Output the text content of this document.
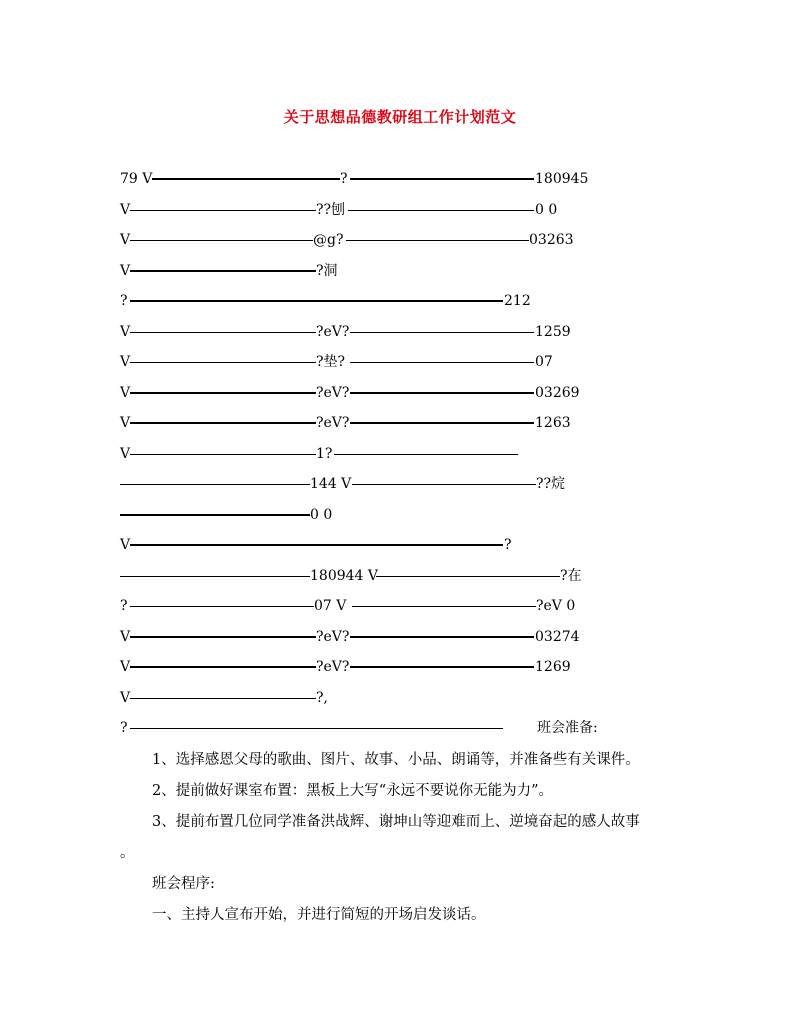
关于思想品德教研组工作计划范文
79 V	?	180945
V	??刨	0 0
V	@g?	03263
V	?洞
?	212
V	?eV?	1259
V	?垫?	07
V	?eV?	03269
V	?eV?	1263
V	1?
144 V	??烷
0 0
V	?
180944 V	?在
?	07 V	?eV 0
V	?eV?	03274
V	?eV?	1269
V	?,
?	班会准备:
1、选择感恩父母的歌曲、图片、故事、小品、朗诵等，并准备些有关课件。
2、提前做好课室布置：黑板上大写“永远不要说你无能为力”。
3、提前布置几位同学准备洪战辉、谢坤山等迎难而上、逆境奋起的感人故事
。
班会程序:
一、主持人宣布开始，并进行简短的开场启发谈话。
